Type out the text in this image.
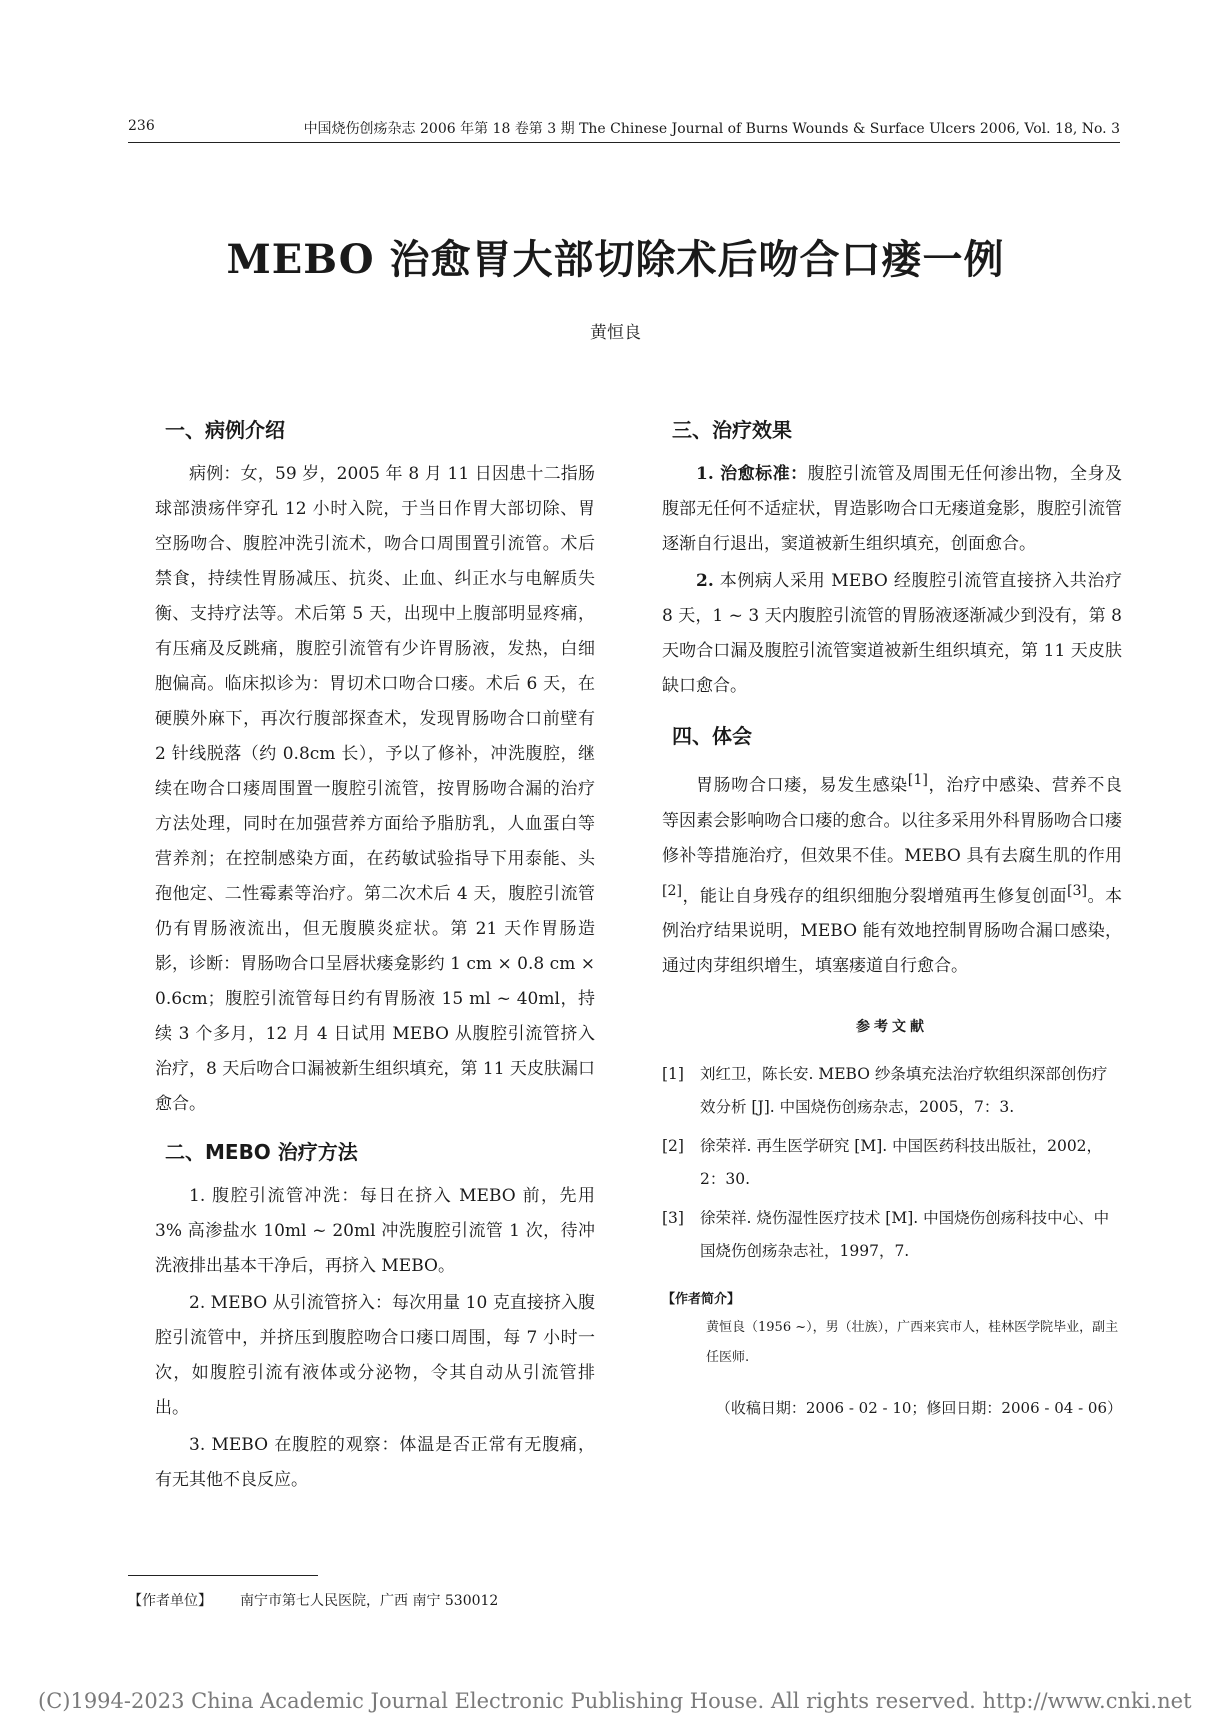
236	中国烧伤创疡杂志 2006 年第 18 卷第 3 期 The Chinese Journal of Burns Wounds & Surface Ulcers 2006, Vol. 18, No. 3
MEBO 治愈胃大部切除术后吻合口瘘一例
黄恒良
一、病例介绍

病例：女，59 岁，2005 年 8 月 11 日因患十二指肠球部溃疡伴穿孔 12 小时入院，于当日作胃大部切除、胃空肠吻合、腹腔冲洗引流术，吻合口周围置引流管。术后禁食，持续性胃肠减压、抗炎、止血、纠正水与电解质失衡、支持疗法等。术后第 5 天，出现中上腹部明显疼痛，有压痛及反跳痛，腹腔引流管有少许胃肠液，发热，白细胞偏高。临床拟诊为：胃切术口吻合口瘘。术后 6 天，在硬膜外麻下，再次行腹部探查术，发现胃肠吻合口前壁有 2 针线脱落（约 0.8cm 长），予以了修补，冲洗腹腔，继续在吻合口瘘周围置一腹腔引流管，按胃肠吻合漏的治疗方法处理，同时在加强营养方面给予脂肪乳，人血蛋白等营养剂；在控制感染方面，在药敏试验指导下用泰能、头孢他定、二性霉素等治疗。第二次术后 4 天，腹腔引流管仍有胃肠液流出，但无腹膜炎症状。第 21 天作胃肠造影，诊断：胃肠吻合口呈唇状瘘龛影约 1 cm × 0.8 cm × 0.6cm；腹腔引流管每日约有胃肠液 15 ml ~ 40ml，持续 3 个多月，12 月 4 日试用 MEBO 从腹腔引流管挤入治疗，8 天后吻合口漏被新生组织填充，第 11 天皮肤漏口愈合。

二、MEBO 治疗方法

1. 腹腔引流管冲洗：每日在挤入 MEBO 前，先用 3% 高渗盐水 10ml ~ 20ml 冲洗腹腔引流管 1 次，待冲洗液排出基本干净后，再挤入 MEBO。

2. MEBO 从引流管挤入：每次用量 10 克直接挤入腹腔引流管中，并挤压到腹腔吻合口瘘口周围，每 7 小时一次，如腹腔引流有液体或分泌物，令其自动从引流管排出。

3. MEBO 在腹腔的观察：体温是否正常有无腹痛，有无其他不良反应。

三、治疗效果

1. 治愈标准：腹腔引流管及周围无任何渗出物，全身及腹部无任何不适症状，胃造影吻合口无瘘道龛影，腹腔引流管逐渐自行退出，窦道被新生组织填充，创面愈合。

2. 本例病人采用 MEBO 经腹腔引流管直接挤入共治疗 8 天，1 ~ 3 天内腹腔引流管的胃肠液逐渐减少到没有，第 8 天吻合口漏及腹腔引流管窦道被新生组织填充，第 11 天皮肤缺口愈合。

四、体会

胃肠吻合口瘘，易发生感染[1]，治疗中感染、营养不良等因素会影响吻合口瘘的愈合。以往多采用外科胃肠吻合口瘘修补等措施治疗，但效果不佳。MEBO 具有去腐生肌的作用[2]，能让自身残存的组织细胞分裂增殖再生修复创面[3]。本例治疗结果说明，MEBO 能有效地控制胃肠吻合漏口感染，通过肉芽组织增生，填塞瘘道自行愈合。

参考文献
[1]	刘红卫，陈长安. MEBO 纱条填充法治疗软组织深部创伤疗效分析 [J]. 中国烧伤创疡杂志，2005，7：3.
[2]	徐荣祥. 再生医学研究 [M]. 中国医药科技出版社，2002，2：30.
[3]	徐荣祥. 烧伤湿性医疗技术 [M]. 中国烧伤创疡科技中心、中国烧伤创疡杂志社，1997，7.
【作者简介】
黄恒良（1956 ~），男（壮族），广西来宾市人，桂林医学院毕业，副主任医师.
（收稿日期：2006 - 02 - 10；修回日期：2006 - 04 - 06）
【作者单位】 南宁市第七人民医院，广西 南宁 530012
(C)1994-2023 China Academic Journal Electronic Publishing House. All rights reserved. http://www.cnki.net
